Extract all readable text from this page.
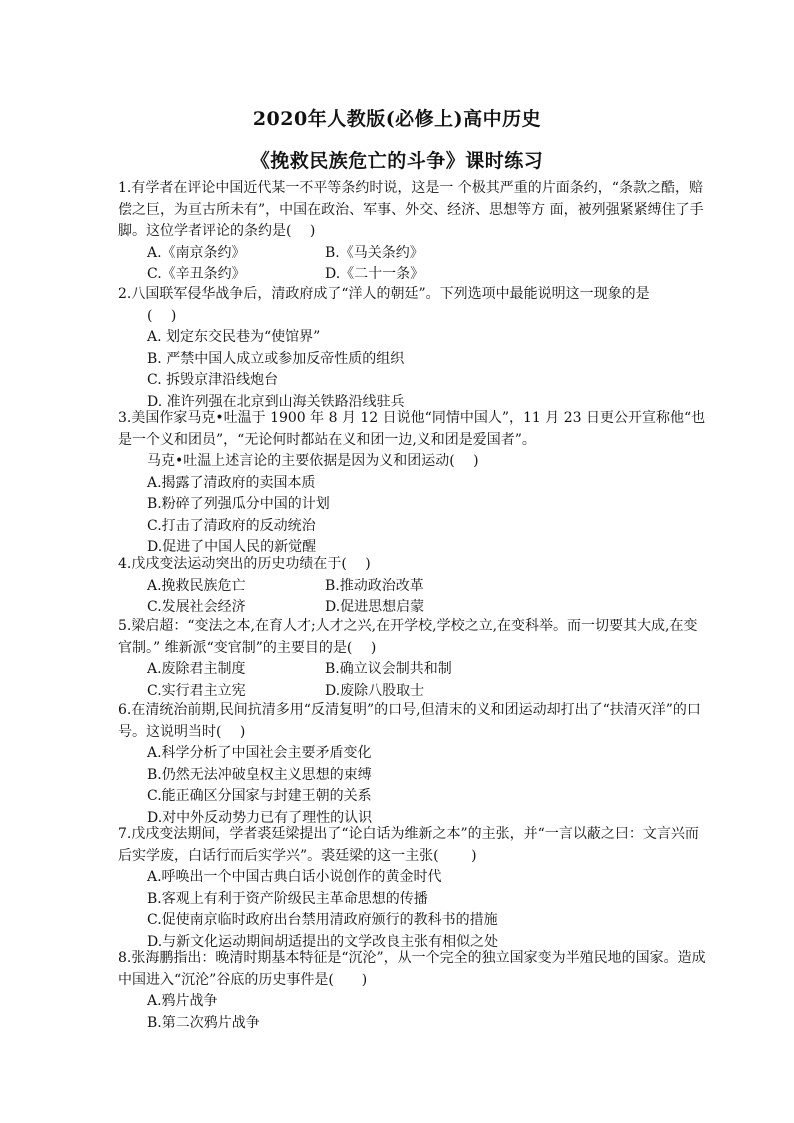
2020年人教版(必修上)高中历史
《挽救民族危亡的斗争》课时练习
1.有学者在评论中国近代某一不平等条约时说，这是一 个极其严重的片面条约，“条款之酷，赔偿之巨，为亘古所未有”，中国在政治、军事、外交、经济、思想等方 面，被列强紧紧缚住了手脚。这位学者评论的条约是(　 )
A.《南京条约》	B.《马关条约》
C.《辛丑条约》	D.《二十一条》
2.八国联军侵华战争后，清政府成了“洋人的朝廷”。下列选项中最能说明这一现象的是
(　 )
A. 划定东交民巷为“使馆界”
B. 严禁中国人成立或参加反帝性质的组织
C. 拆毁京津沿线炮台
D. 准许列强在北京到山海关铁路沿线驻兵
3.美国作家马克•吐温于 1900 年 8 月 12 日说他“同情中国人”，11 月 23 日更公开宣称他“也是一个义和团员”，“无论何时都站在义和团一边,义和团是爱国者”。
马克•吐温上述言论的主要依据是因为义和团运动(　 )
A.揭露了清政府的卖国本质
B.粉碎了列强瓜分中国的计划
C.打击了清政府的反动统治
D.促进了中国人民的新觉醒
4.戊戌变法运动突出的历史功绩在于(　 )
A.挽救民族危亡	B.推动政治改革
C.发展社会经济	D.促进思想启蒙
5.梁启超：“变法之本,在育人才;人才之兴,在开学校,学校之立,在变科举。而一切要其大成,在变官制。” 维新派“变官制”的主要目的是(　 )
A.废除君主制度	B.确立议会制共和制
C.实行君主立宪	D.废除八股取士
6.在清统治前期,民间抗清多用“反清复明”的口号,但清末的义和团运动却打出了“扶清灭洋”的口号。这说明当时(　 )
A.科学分析了中国社会主要矛盾变化
B.仍然无法冲破皇权主义思想的束缚
C.能正确区分国家与封建王朝的关系
D.对中外反动势力已有了理性的认识
7.戊戌变法期间，学者裘廷梁提出了“论白话为维新之本”的主张，并“一言以蔽之曰：文言兴而后实学废，白话行而后实学兴”。裘廷梁的这一主张(　　 )
A.呼唤出一个中国古典白话小说创作的黄金时代
B.客观上有利于资产阶级民主革命思想的传播
C.促使南京临时政府出台禁用清政府颁行的教科书的措施
D.与新文化运动期间胡适提出的文学改良主张有相似之处
8.张海鹏指出：晚清时期基本特征是“沉沦”，从一个完全的独立国家变为半殖民地的国家。造成中国进入“沉沦”谷底的历史事件是(　　)
A.鸦片战争
B.第二次鸦片战争
